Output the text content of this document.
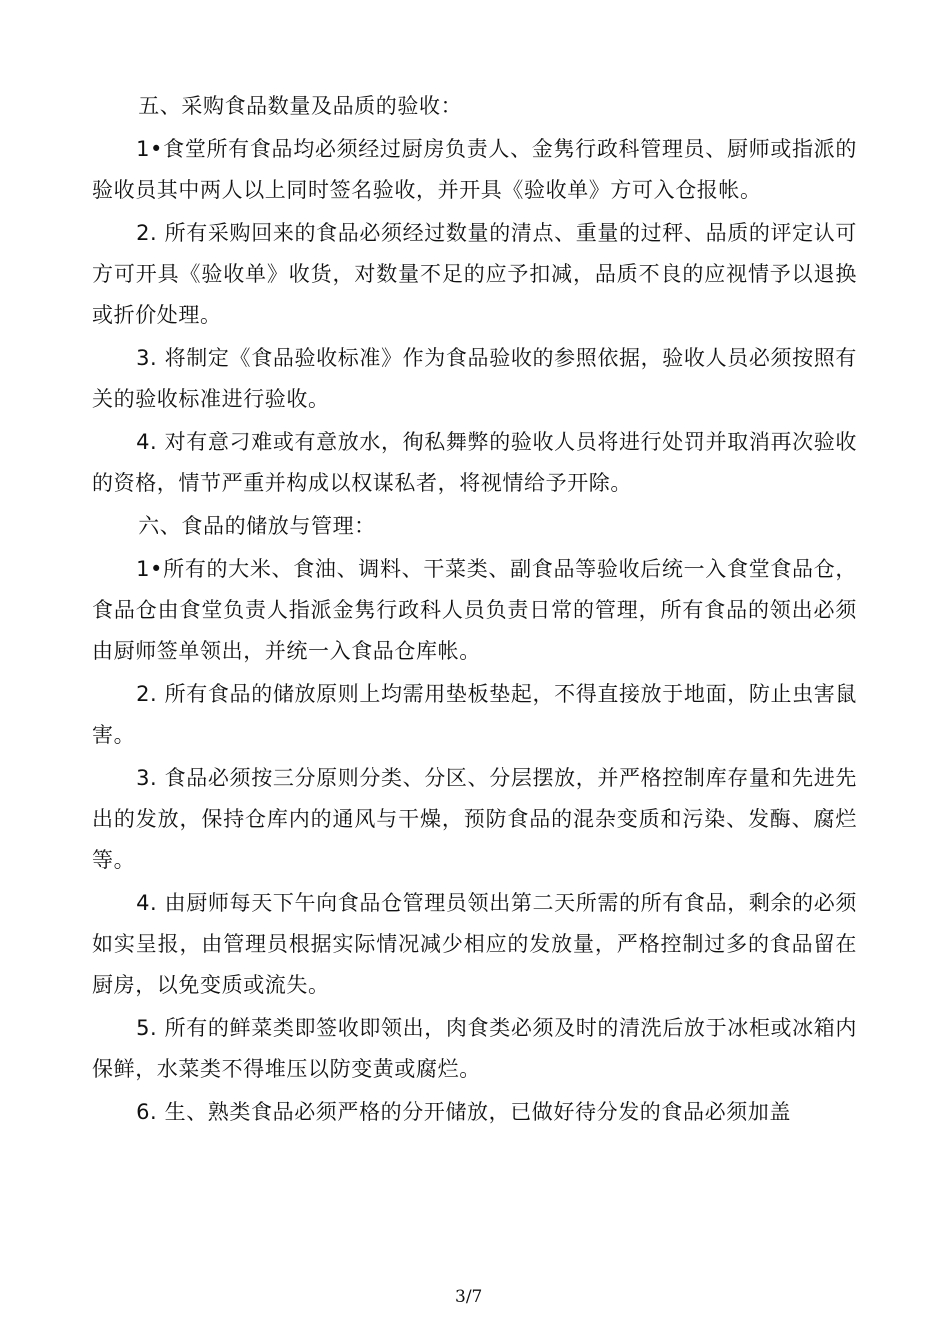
五、采购食品数量及品质的验收：

1•食堂所有食品均必须经过厨房负责人、金隽行政科管理员、厨师或指派的验收员其中两人以上同时签名验收，并开具《验收单》方可入仓报帐。

2. 所有采购回来的食品必须经过数量的清点、重量的过秤、品质的评定认可方可开具《验收单》收货，对数量不足的应予扣减，品质不良的应视情予以退换或折价处理。

3. 将制定《食品验收标准》作为食品验收的参照依据，验收人员必须按照有关的验收标准进行验收。

4. 对有意刁难或有意放水，徇私舞弊的验收人员将进行处罚并取消再次验收的资格，情节严重并构成以权谋私者，将视情给予开除。

六、食品的储放与管理：

1•所有的大米、食油、调料、干菜类、副食品等验收后统一入食堂食品仓，食品仓由食堂负责人指派金隽行政科人员负责日常的管理，所有食品的领出必须由厨师签单领出，并统一入食品仓库帐。

2. 所有食品的储放原则上均需用垫板垫起，不得直接放于地面，防止虫害鼠害。

3. 食品必须按三分原则分类、分区、分层摆放，并严格控制库存量和先进先出的发放，保持仓库内的通风与干燥，预防食品的混杂变质和污染、发酶、腐烂等。

4. 由厨师每天下午向食品仓管理员领出第二天所需的所有食品，剩余的必须如实呈报，由管理员根据实际情况减少相应的发放量，严格控制过多的食品留在厨房，以免变质或流失。

5. 所有的鲜菜类即签收即领出，肉食类必须及时的清洗后放于冰柜或冰箱内保鲜，水菜类不得堆压以防变黄或腐烂。

6. 生、熟类食品必须严格的分开储放，已做好待分发的食品必须加盖

3/7
